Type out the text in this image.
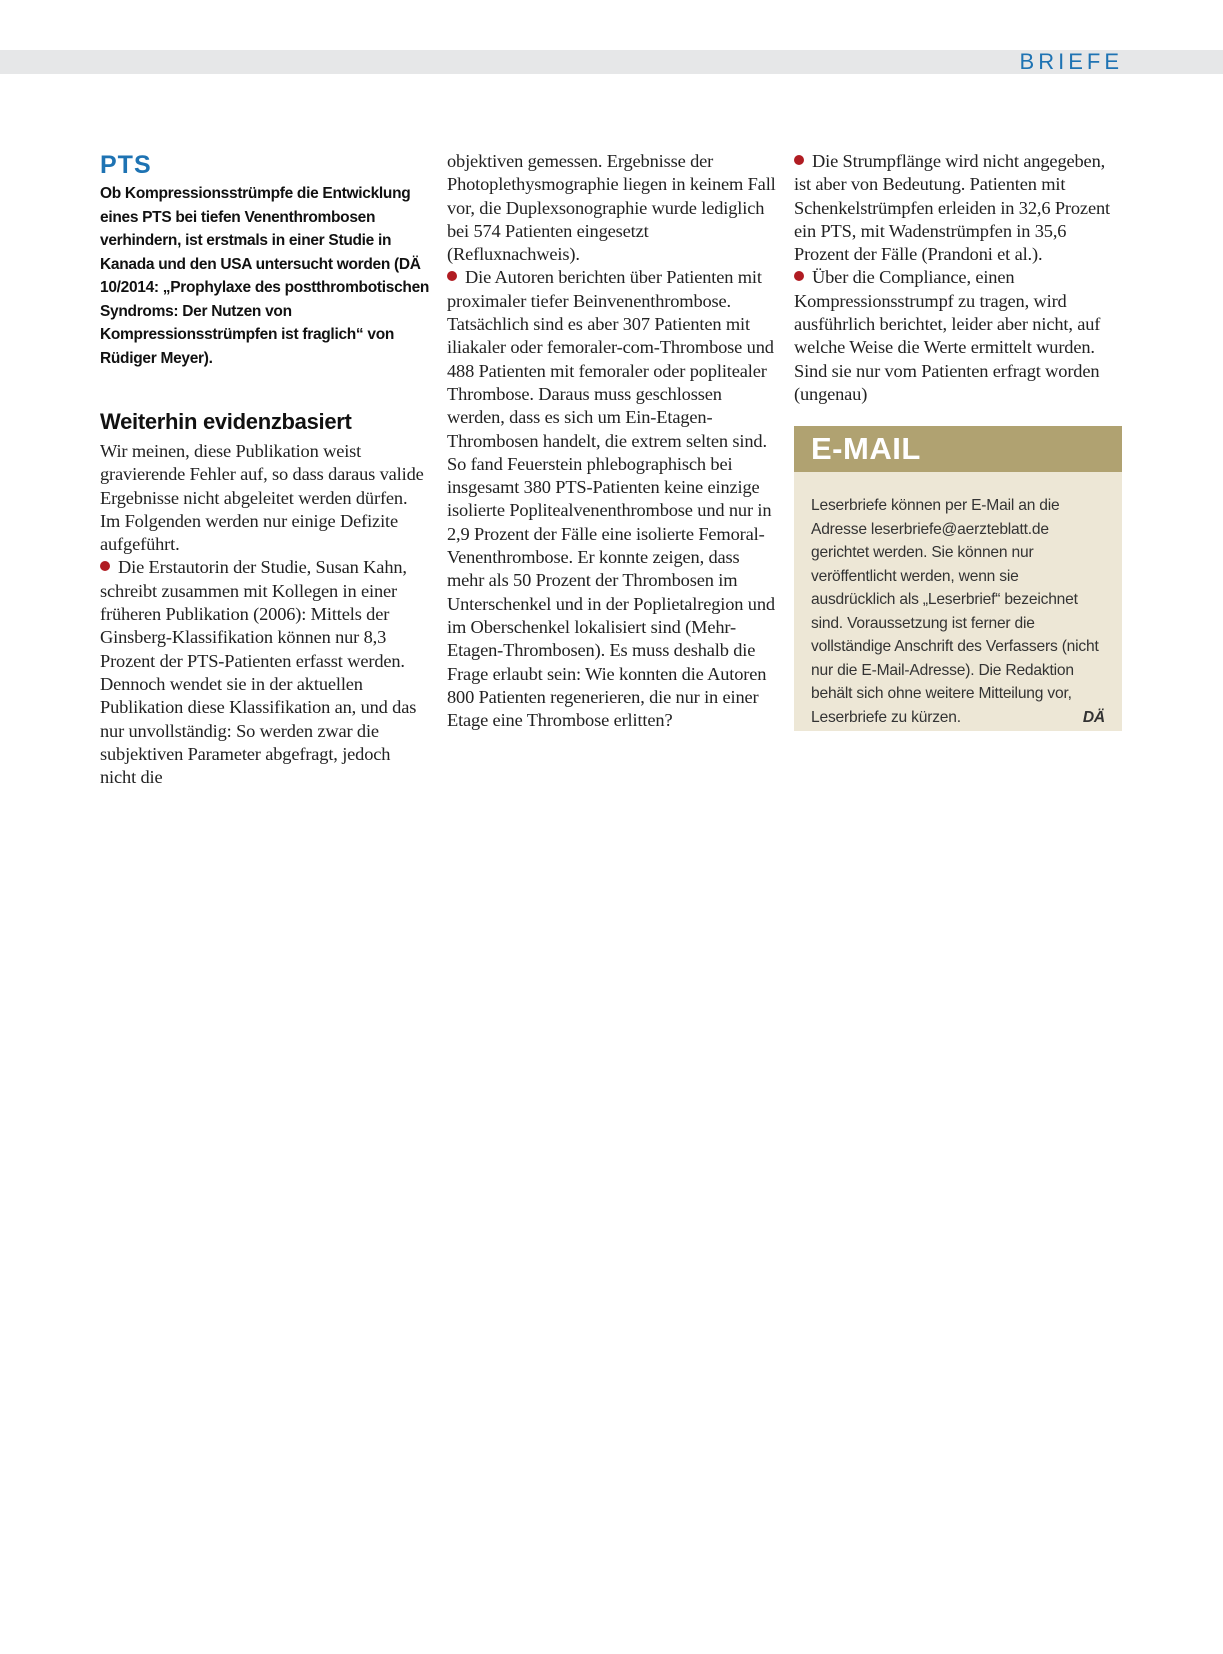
BRIEFE
PTS
Ob Kompressionsstrümpfe die Entwicklung eines PTS bei tiefen Venenthrombosen verhindern, ist erstmals in einer Studie in Kanada und den USA untersucht worden (DÄ 10/2014: „Prophylaxe des postthrombotischen Syndroms: Der Nutzen von Kompressionsstrümpfen ist fraglich“ von Rüdiger Meyer).
Weiterhin evidenzbasiert

Wir meinen, diese Publikation weist gravierende Fehler auf, so dass daraus valide Ergebnisse nicht abgeleitet werden dürfen. Im Folgenden werden nur einige Defizite aufgeführt.

Die Erstautorin der Studie, Susan Kahn, schreibt zusammen mit Kollegen in einer früheren Publikation (2006): Mittels der Ginsberg-Klassifikation können nur 8,3 Prozent der PTS-Patienten erfasst werden. Dennoch wendet sie in der aktuellen Publikation diese Klassifikation an, und das nur unvollständig: So werden zwar die subjektiven Parameter abgefragt, jedoch nicht die

objektiven gemessen. Ergebnisse der Photoplethysmographie liegen in keinem Fall vor, die Duplexsonographie wurde lediglich bei 574 Patienten eingesetzt (Refluxnachweis).

Die Autoren berichten über Patienten mit proximaler tiefer Beinvenenthrombose. Tatsächlich sind es aber 307 Patienten mit iliakaler oder femoraler-com-Thrombose und 488 Patienten mit femoraler oder poplitealer Thrombose. Daraus muss geschlossen werden, dass es sich um Ein-Etagen-Thrombosen handelt, die extrem selten sind. So fand Feuerstein phlebographisch bei insgesamt 380 PTS-Patienten keine einzige isolierte Poplitealvenenthrombose und nur in 2,9 Prozent der Fälle eine isolierte Femoral-Venenthrombose. Er konnte zeigen, dass mehr als 50 Prozent der Thrombosen im Unterschenkel und in der Poplietalregion und im Oberschenkel lokalisiert sind (Mehr-Etagen-Thrombosen). Es muss deshalb die Frage erlaubt sein: Wie konnten die Autoren 800 Patienten regenerieren, die nur in einer Etage eine Thrombose erlitten?

Die Strumpflänge wird nicht angegeben, ist aber von Bedeutung. Patienten mit Schenkelstrümpfen erleiden in 32,6 Prozent ein PTS, mit Wadenstrümpfen in 35,6 Prozent der Fälle (Prandoni et al.).

Über die Compliance, einen Kompressionsstrumpf zu tragen, wird ausführlich berichtet, leider aber nicht, auf welche Weise die Werte ermittelt wurden. Sind sie nur vom Patienten erfragt worden (ungenau)

E-MAIL
Leserbriefe können per E-Mail an die Adresse leserbriefe@aerzteblatt.de gerichtet werden. Sie können nur veröffentlicht werden, wenn sie ausdrücklich als „Leserbrief“ bezeichnet sind. Voraussetzung ist ferner die vollständige Anschrift des Verfassers (nicht nur die E-Mail-Adresse). Die Redaktion behält sich ohne weitere Mitteilung vor, Leserbriefe zu kürzen.	DÄ
